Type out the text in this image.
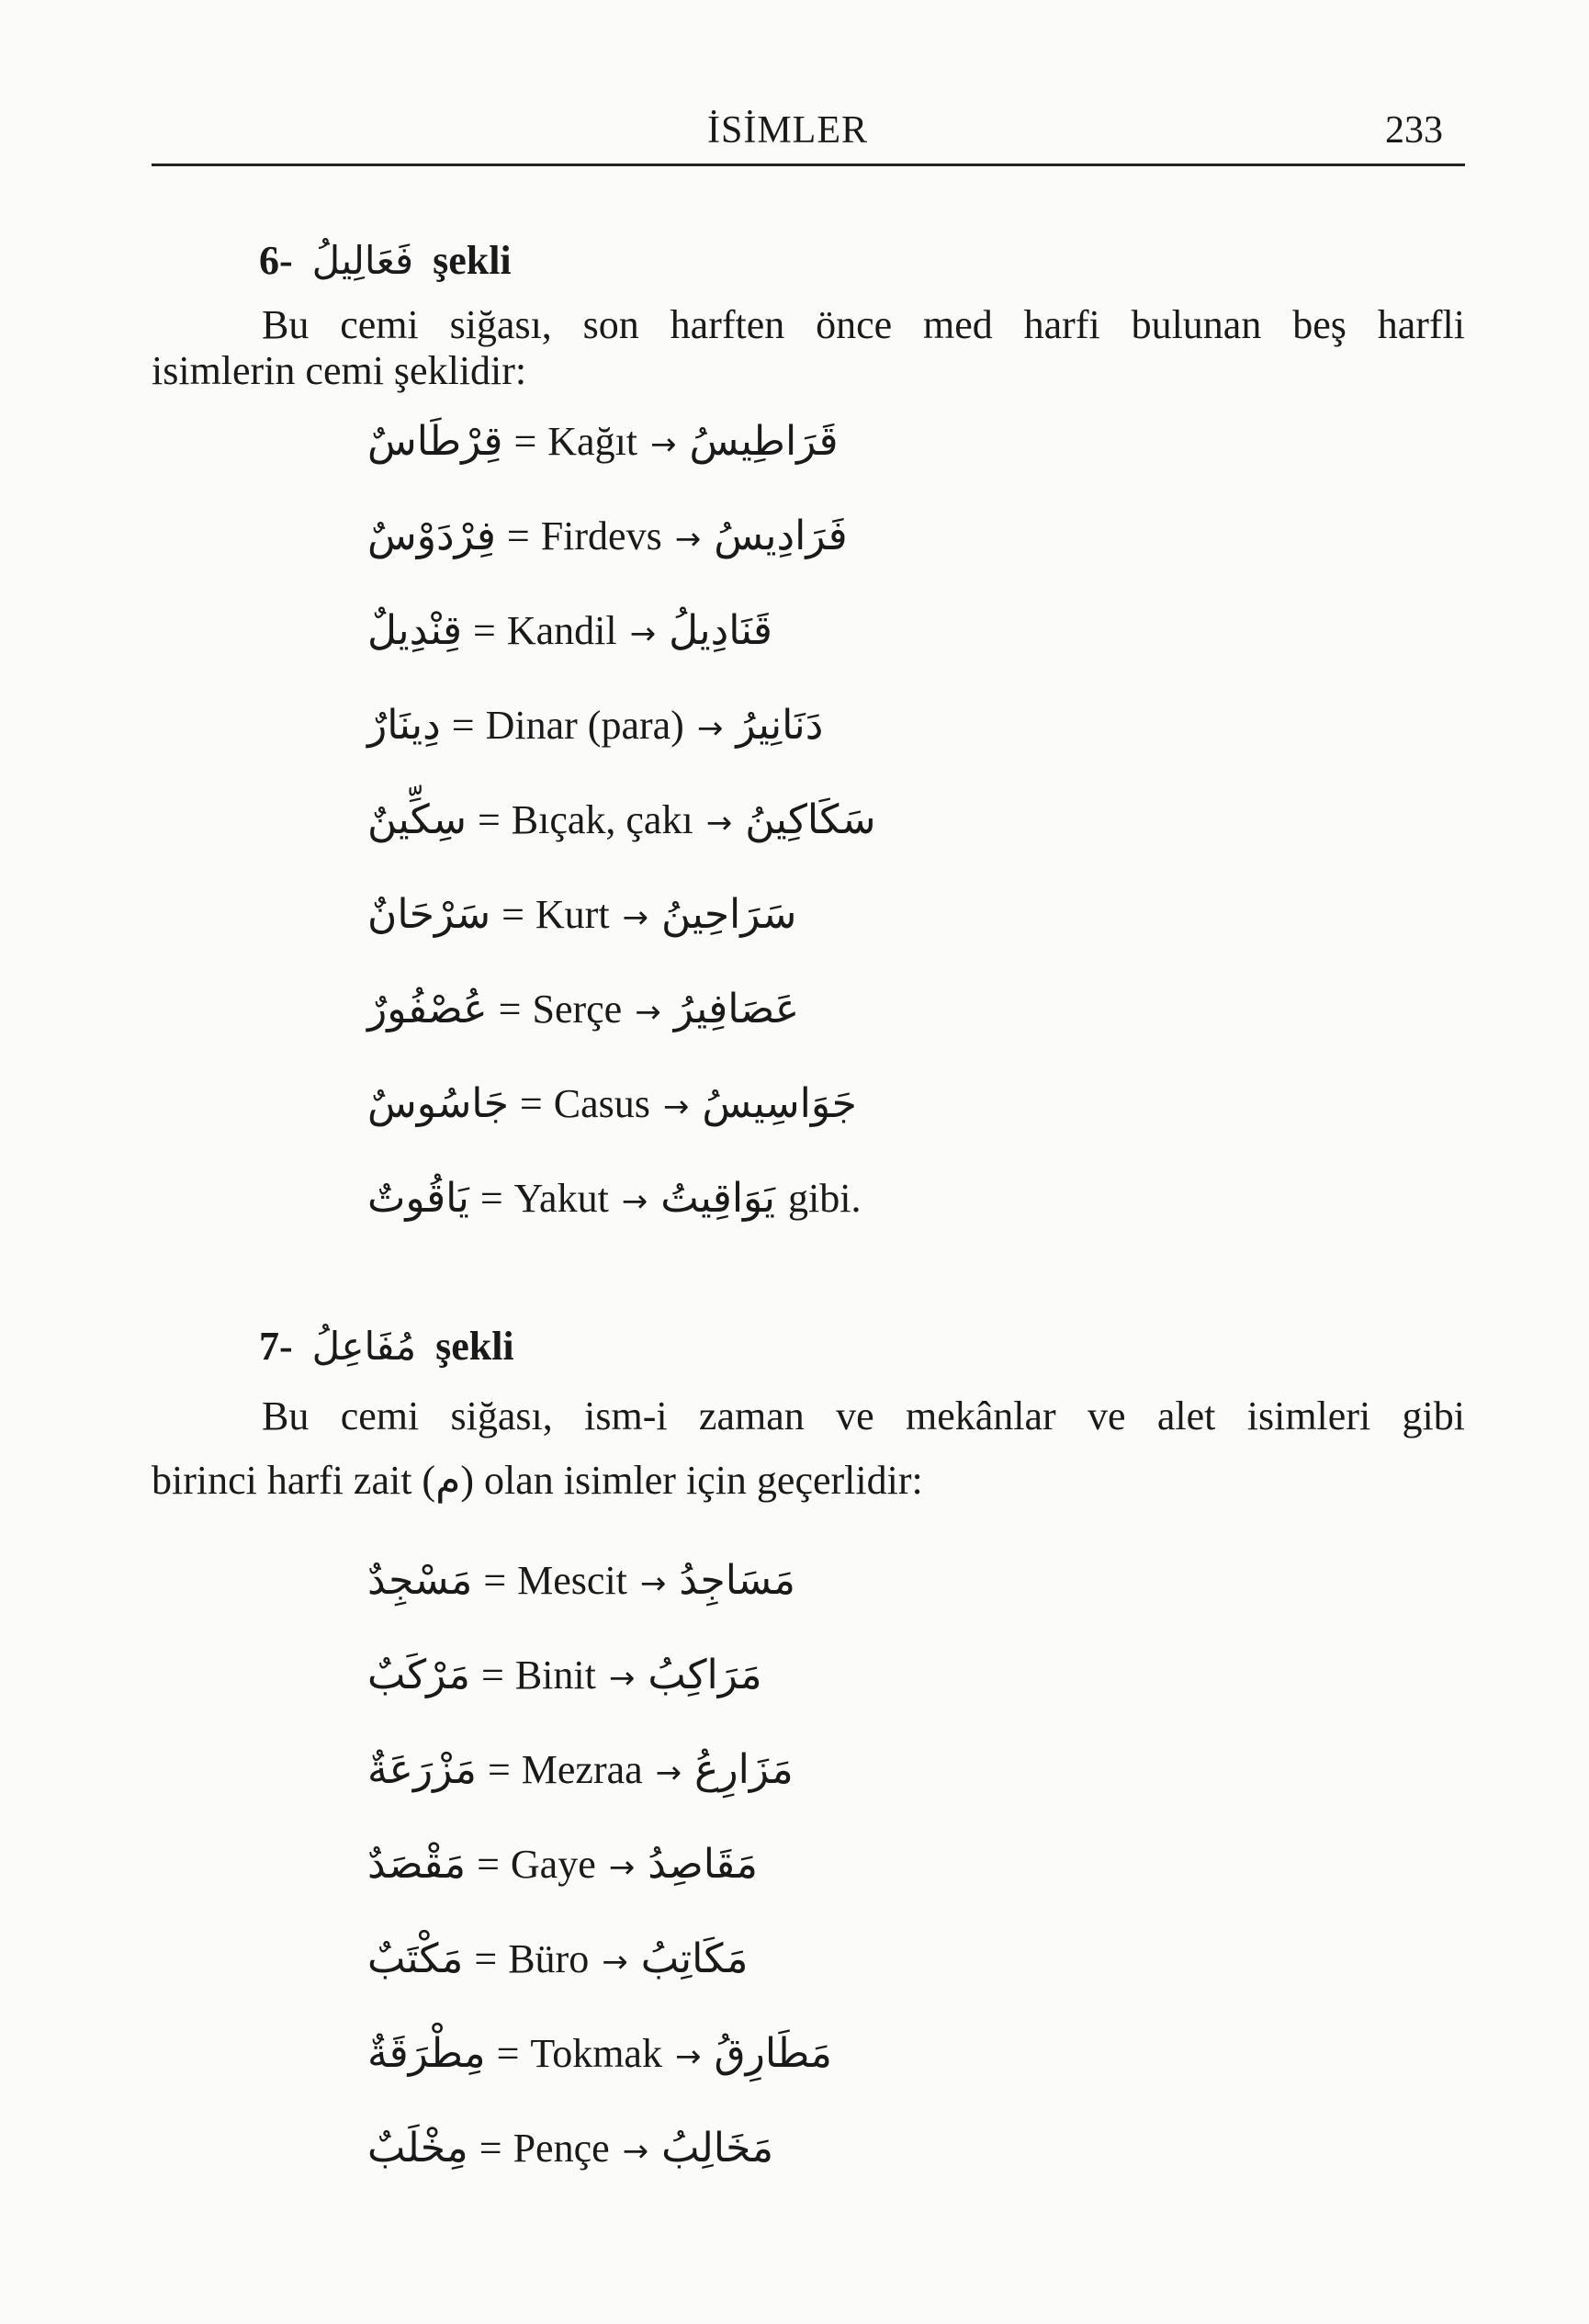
İSİMLER	233
6- فَعَالِيلُ şekli
Bu cemi siğası, son harften önce med harfi bulunan beş harfli
isimlerin cemi şeklidir:
قِرْطَاسٌ = Kağıt → قَرَاطِيسُ
فِرْدَوْسٌ = Firdevs → فَرَادِيسُ
قِنْدِيلٌ = Kandil → قَنَادِيلُ
دِينَارٌ = Dinar (para) → دَنَانِيرُ
سِكِّينٌ = Bıçak, çakı → سَكَاكِينُ
سَرْحَانٌ = Kurt → سَرَاحِينُ
عُصْفُورٌ = Serçe → عَصَافِيرُ
جَاسُوسٌ = Casus → جَوَاسِيسُ
يَاقُوتٌ = Yakut → يَوَاقِيتُ gibi.
7- مُفَاعِلُ şekli
Bu cemi siğası, ism-i zaman ve mekânlar ve alet isimleri gibi
birinci harfi zait (م) olan isimler için geçerlidir:
مَسْجِدٌ = Mescit → مَسَاجِدُ
مَرْكَبٌ = Binit → مَرَاكِبُ
مَزْرَعَةٌ = Mezraa → مَزَارِعُ
مَقْصَدٌ = Gaye → مَقَاصِدُ
مَكْتَبٌ = Büro → مَكَاتِبُ
مِطْرَقَةٌ = Tokmak → مَطَارِقُ
مِخْلَبٌ = Pençe → مَخَالِبُ
